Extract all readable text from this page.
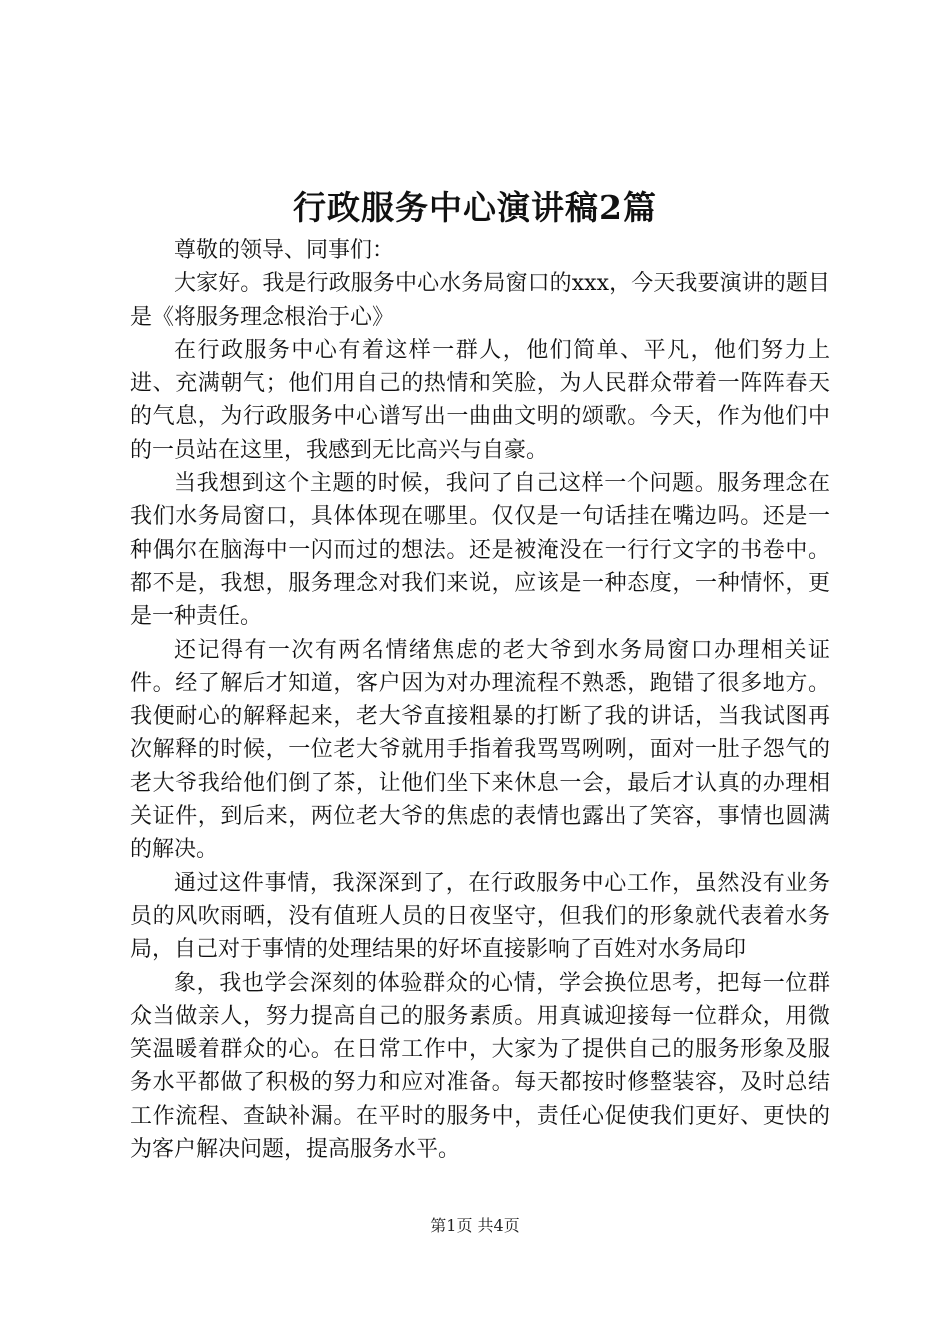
行政服务中心演讲稿2篇

尊敬的领导、同事们：

大家好。我是行政服务中心水务局窗口的xxx，今天我要演讲的题目是《将服务理念根治于心》

在行政服务中心有着这样一群人，他们简单、平凡，他们努力上进、充满朝气；他们用自己的热情和笑脸，为人民群众带着一阵阵春天的气息，为行政服务中心谱写出一曲曲文明的颂歌。今天，作为他们中的一员站在这里，我感到无比高兴与自豪。

当我想到这个主题的时候，我问了自己这样一个问题。服务理念在我们水务局窗口，具体体现在哪里。仅仅是一句话挂在嘴边吗。还是一种偶尔在脑海中一闪而过的想法。还是被淹没在一行行文字的书卷中。都不是，我想，服务理念对我们来说，应该是一种态度，一种情怀，更是一种责任。

还记得有一次有两名情绪焦虑的老大爷到水务局窗口办理相关证件。经了解后才知道，客户因为对办理流程不熟悉，跑错了很多地方。我便耐心的解释起来，老大爷直接粗暴的打断了我的讲话，当我试图再次解释的时候，一位老大爷就用手指着我骂骂咧咧，面对一肚子怨气的老大爷我给他们倒了茶，让他们坐下来休息一会，最后才认真的办理相关证件，到后来，两位老大爷的焦虑的表情也露出了笑容，事情也圆满的解决。

通过这件事情，我深深到了，在行政服务中心工作，虽然没有业务员的风吹雨晒，没有值班人员的日夜坚守，但我们的形象就代表着水务局，自己对于事情的处理结果的好坏直接影响了百姓对水务局印

象，我也学会深刻的体验群众的心情，学会换位思考，把每一位群众当做亲人，努力提高自己的服务素质。用真诚迎接每一位群众，用微笑温暖着群众的心。在日常工作中，大家为了提供自己的服务形象及服务水平都做了积极的努力和应对准备。每天都按时修整装容，及时总结工作流程、查缺补漏。在平时的服务中，责任心促使我们更好、更快的为客户解决问题，提高服务水平。

第1页 共4页
